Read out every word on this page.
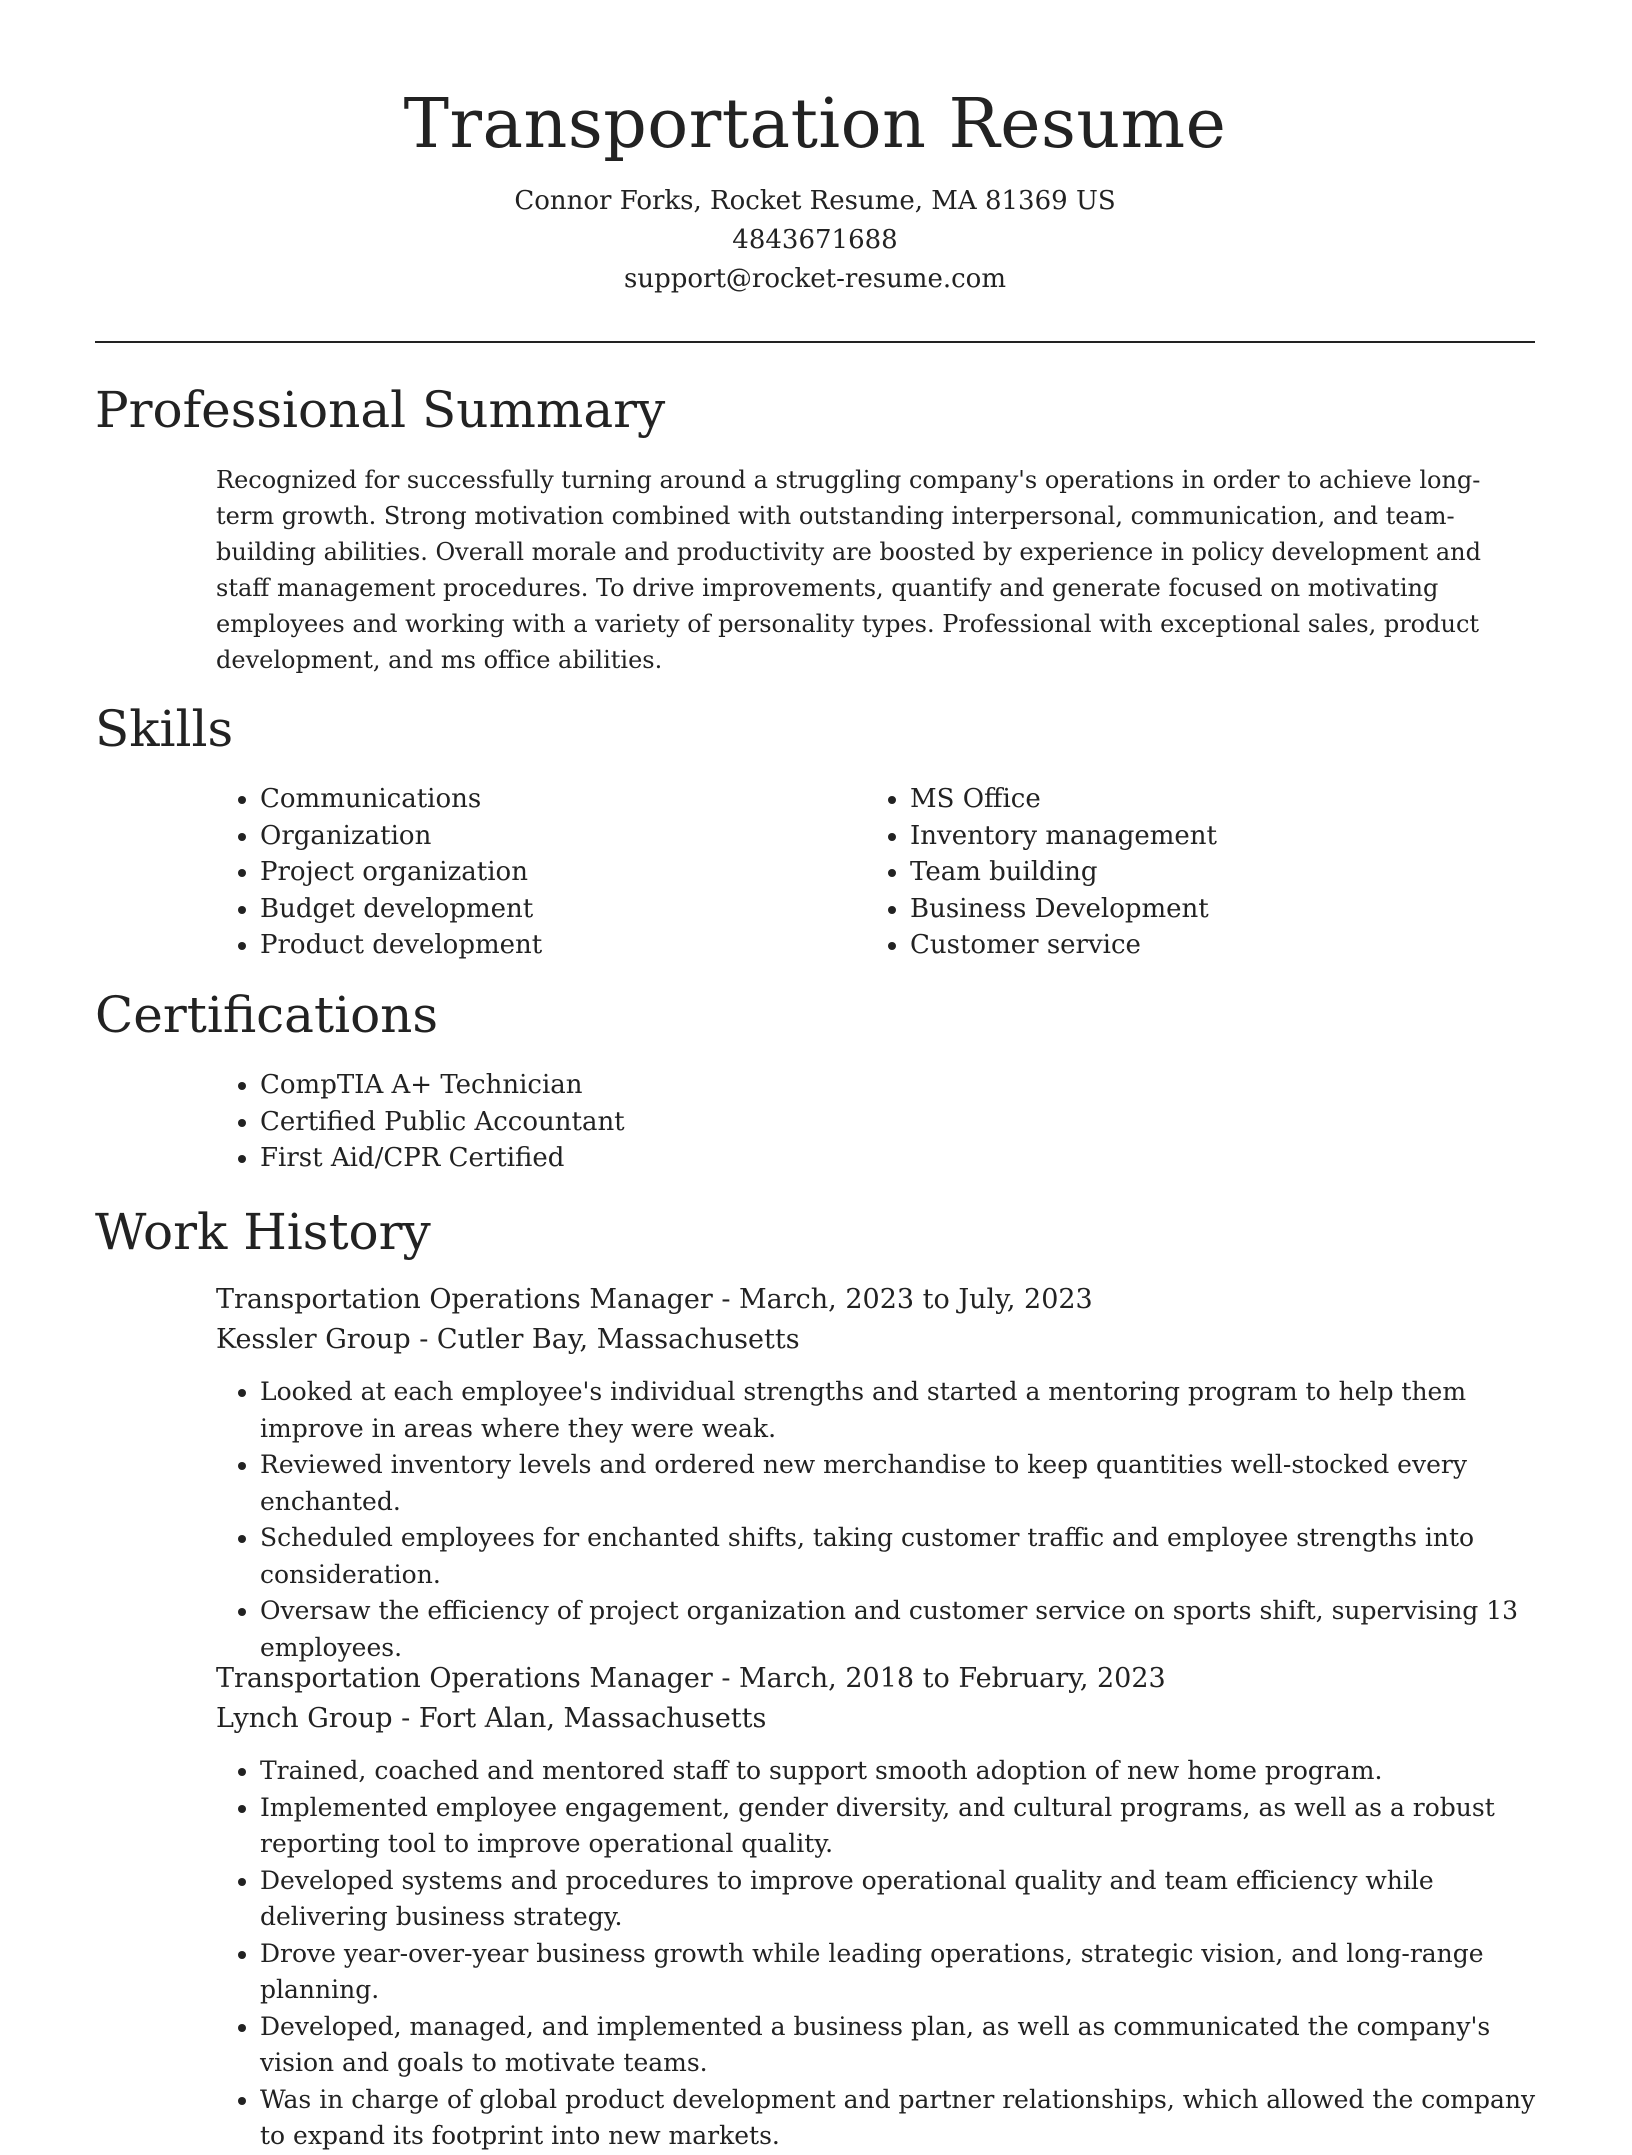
Transportation Resume

Connor Forks, Rocket Resume, MA 81369 US

4843671688

support@rocket-resume.com

Professional Summary

Recognized for successfully turning around a struggling company's operations in order to achieve long-term growth. Strong motivation combined with outstanding interpersonal, communication, and team-building abilities. Overall morale and productivity are boosted by experience in policy development and staff management procedures. To drive improvements, quantify and generate focused on motivating employees and working with a variety of personality types. Professional with exceptional sales, product development, and ms office abilities.

Skills
• Communications
• Organization
• Project organization
• Budget development
• Product development
• MS Office
• Inventory management
• Team building
• Business Development
• Customer service
Certifications
• CompTIA A+ Technician
• Certified Public Accountant
• First Aid/CPR Certified
Work History

Transportation Operations Manager - March, 2023 to July, 2023

Kessler Group - Cutler Bay, Massachusetts

• Looked at each employee's individual strengths and started a mentoring program to help them improve in areas where they were weak.
• Reviewed inventory levels and ordered new merchandise to keep quantities well-stocked every enchanted.
• Scheduled employees for enchanted shifts, taking customer traffic and employee strengths into consideration.
• Oversaw the efficiency of project organization and customer service on sports shift, supervising 13 employees.

Transportation Operations Manager - March, 2018 to February, 2023

Lynch Group - Fort Alan, Massachusetts

• Trained, coached and mentored staff to support smooth adoption of new home program.
• Implemented employee engagement, gender diversity, and cultural programs, as well as a robust reporting tool to improve operational quality.
• Developed systems and procedures to improve operational quality and team efficiency while delivering business strategy.
• Drove year-over-year business growth while leading operations, strategic vision, and long-range planning.
• Developed, managed, and implemented a business plan, as well as communicated the company's vision and goals to motivate teams.
• Was in charge of global product development and partner relationships, which allowed the company to expand its footprint into new markets.
